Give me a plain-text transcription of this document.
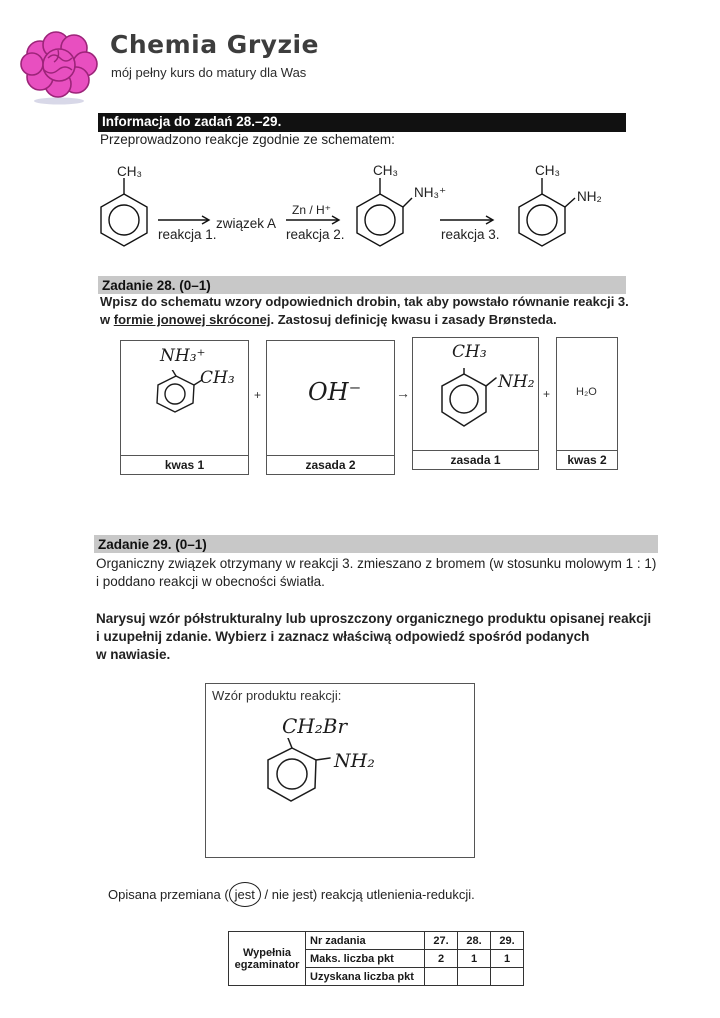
Chemia Gryzie
mój pełny kurs do matury dla Was
Informacja do zadań 28.–29.
Przeprowadzono reakcje zgodnie ze schematem:
CH₃
reakcja 1.
związek A
Zn / H⁺
reakcja 2.
CH₃
NH₃⁺
reakcja 3.
CH₃
NH₂
Zadanie 28. (0–1)
Wpisz do schematu wzory odpowiednich drobin, tak aby powstało równanie reakcji 3.
w formie jonowej skróconej. Zastosuj definicję kwasu i zasady Brønsteda.
kwas 1	zasada 2	zasada 1	kwas 2
+	→	+ H₂O
NH₃⁺
CH₃	OH⁻
CH₃
NH₂
Zadanie 29. (0–1)
Organiczny związek otrzymany w reakcji 3. zmieszano z bromem (w stosunku molowym 1 : 1)
i poddano reakcji w obecności światła.
Narysuj wzór półstrukturalny lub uproszczony organicznego produktu opisanej reakcji
i uzupełnij zdanie. Wybierz i zaznacz właściwą odpowiedź spośród podanych
w nawiasie.
Wzór produktu reakcji:
CH₂Br
NH₂
Opisana przemiana ( jest / nie jest) reakcją utlenienia-redukcji.
Wypełnia
egzaminator	Nr zadania	27.	28.	29.
	Maks. liczba pkt	2	1	1
	Uzyskana liczba pkt			
